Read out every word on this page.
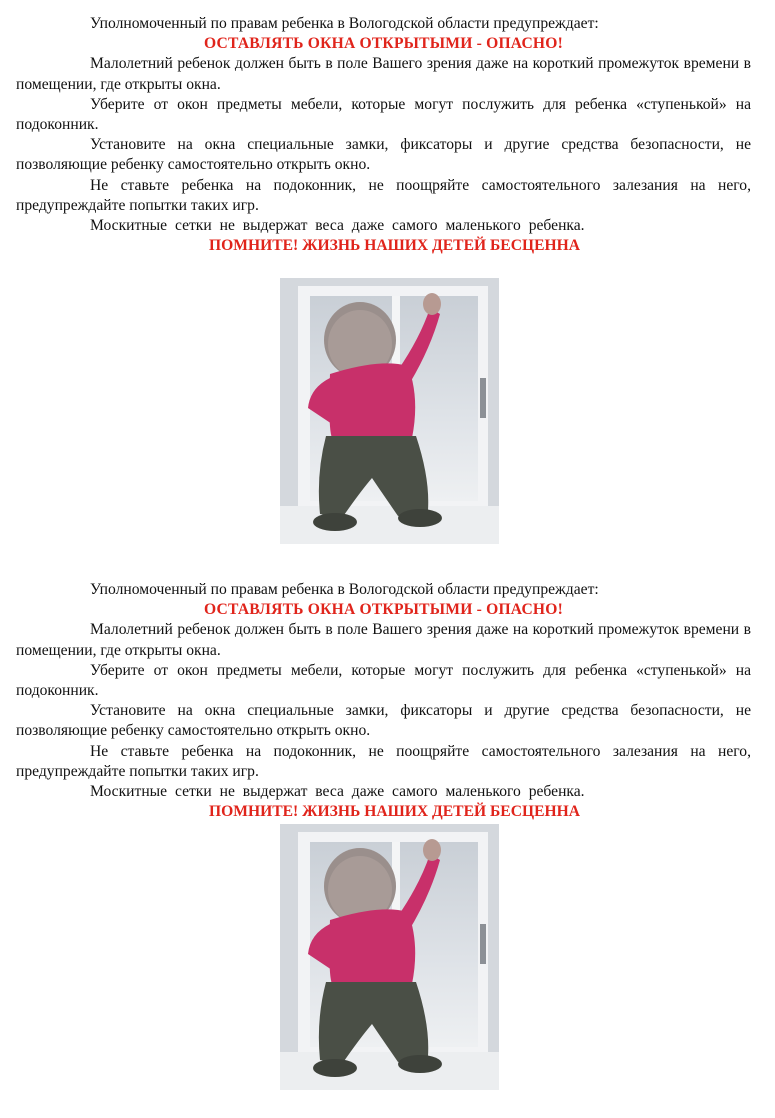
Уполномоченный по правам ребенка в Вологодской области предупреждает:

ОСТАВЛЯТЬ ОКНА ОТКРЫТЫМИ - ОПАСНО!

Малолетний ребенок должен быть в поле Вашего зрения даже на короткий промежуток времени в помещении, где открыты окна.

Уберите от окон предметы мебели, которые могут послужить для ребенка «ступенькой» на подоконник.

Установите на окна специальные замки, фиксаторы и другие средства безопасности, не позволяющие ребенку самостоятельно открыть окно.

Не ставьте ребенка на подоконник, не поощряйте самостоятельного залезания на него, предупреждайте попытки таких игр.

Москитные сетки не выдержат веса даже самого маленького ребенка.

ПОМНИТЕ! ЖИЗНЬ НАШИХ ДЕТЕЙ БЕСЦЕННА

Уполномоченный по правам ребенка в Вологодской области предупреждает:

ОСТАВЛЯТЬ ОКНА ОТКРЫТЫМИ - ОПАСНО!

Малолетний ребенок должен быть в поле Вашего зрения даже на короткий промежуток времени в помещении, где открыты окна.

Уберите от окон предметы мебели, которые могут послужить для ребенка «ступенькой» на подоконник.

Установите на окна специальные замки, фиксаторы и другие средства безопасности, не позволяющие ребенку самостоятельно открыть окно.

Не ставьте ребенка на подоконник, не поощряйте самостоятельного залезания на него, предупреждайте попытки таких игр.

Москитные сетки не выдержат веса даже самого маленького ребенка.

ПОМНИТЕ! ЖИЗНЬ НАШИХ ДЕТЕЙ БЕСЦЕННА
